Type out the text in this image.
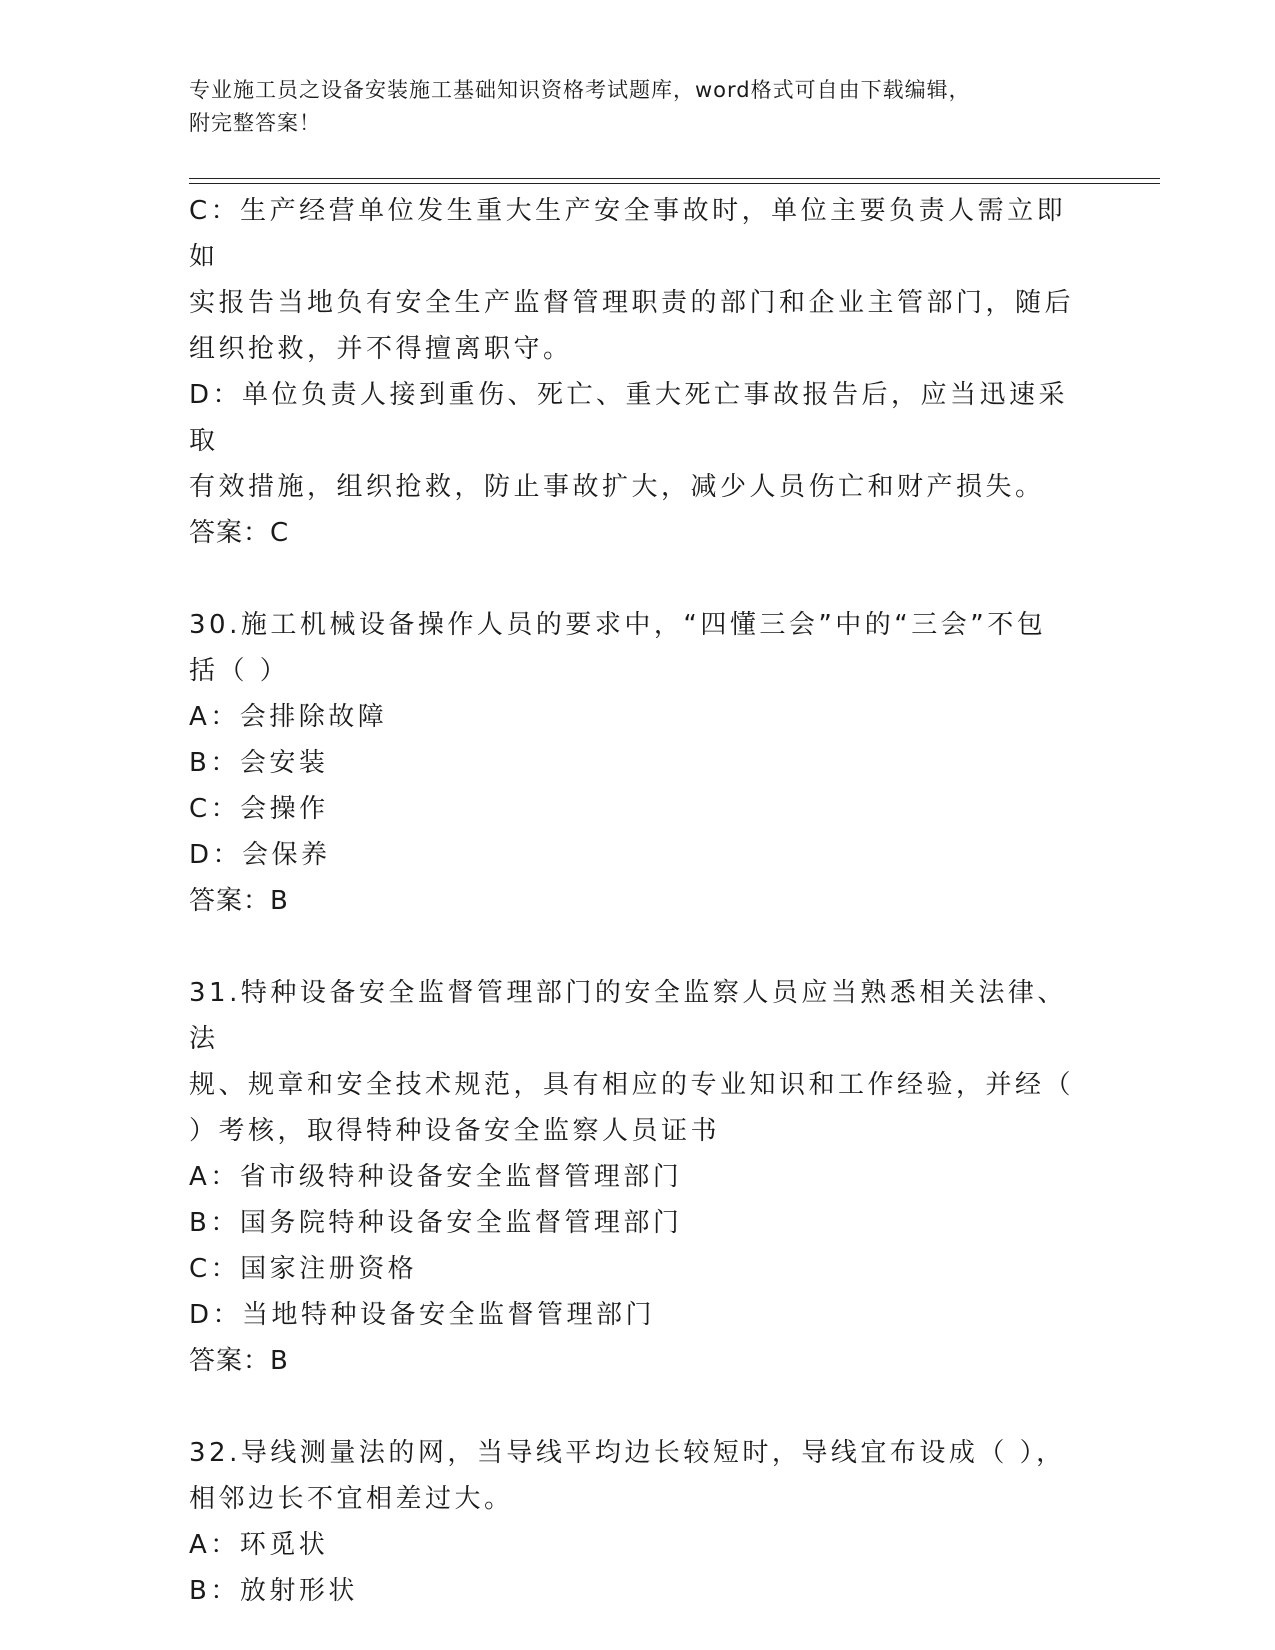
专业施工员之设备安装施工基础知识资格考试题库，word格式可自由下载编辑，
附完整答案！

C：生产经营单位发生重大生产安全事故时，单位主要负责人需立即如

实报告当地负有安全生产监督管理职责的部门和企业主管部门，随后

组织抢救，并不得擅离职守。

D：单位负责人接到重伤、死亡、重大死亡事故报告后，应当迅速采取

有效措施，组织抢救，防止事故扩大，减少人员伤亡和财产损失。

答案：C

30.施工机械设备操作人员的要求中，“四懂三会”中的“三会”不包

括（ ）

A：会排除故障

B：会安装

C：会操作

D：会保养

答案：B

31.特种设备安全监督管理部门的安全监察人员应当熟悉相关法律、法

规、规章和安全技术规范，具有相应的专业知识和工作经验，并经（

）考核，取得特种设备安全监察人员证书

A：省市级特种设备安全监督管理部门

B：国务院特种设备安全监督管理部门

C：国家注册资格

D：当地特种设备安全监督管理部门

答案：B

32.导线测量法的网，当导线平均边长较短时，导线宜布设成（ ），

相邻边长不宜相差过大。

A：环觅状

B：放射形状
